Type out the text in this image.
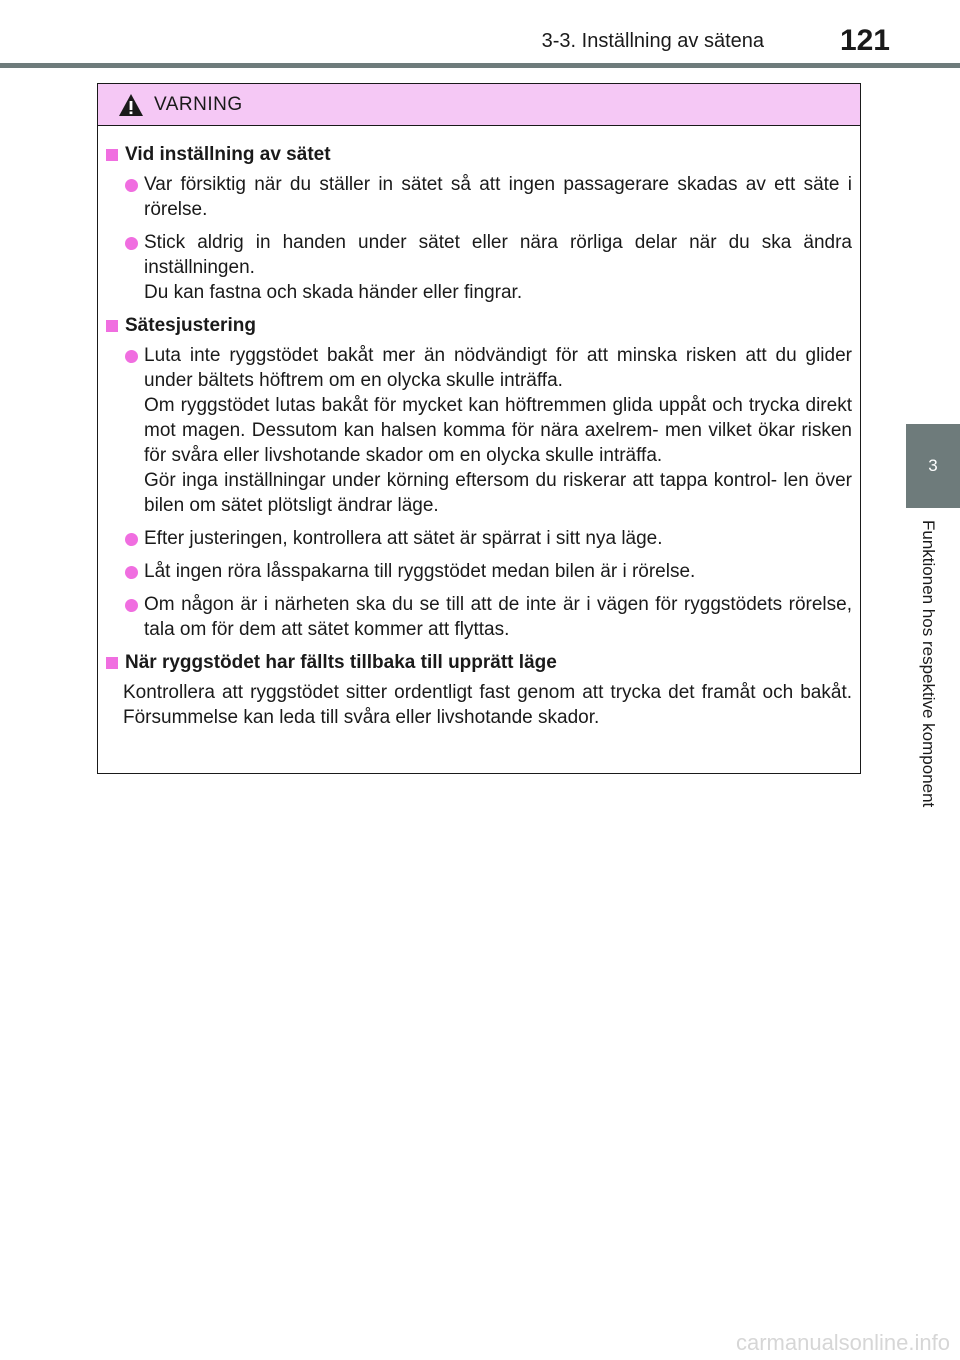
3-3. Inställning av sätena	121
3
Funktionen hos respektive komponent
VARNING
Vid inställning av sätet

Var försiktig när du ställer in sätet så att ingen passagerare skadas av ett säte i rörelse.

Stick aldrig in handen under sätet eller nära rörliga delar när du ska ändra inställningen.

Du kan fastna och skada händer eller fingrar.

Sätesjustering

Luta inte ryggstödet bakåt mer än nödvändigt för att minska risken att du glider under bältets höftrem om en olycka skulle inträffa.

Om ryggstödet lutas bakåt för mycket kan höftremmen glida uppåt och trycka direkt mot magen. Dessutom kan halsen komma för nära axelrem- men vilket ökar risken för svåra eller livshotande skador om en olycka skulle inträffa.

Gör inga inställningar under körning eftersom du riskerar att tappa kontrol- len över bilen om sätet plötsligt ändrar läge.

Efter justeringen, kontrollera att sätet är spärrat i sitt nya läge.

Låt ingen röra låsspakarna till ryggstödet medan bilen är i rörelse.

Om någon är i närheten ska du se till att de inte är i vägen för ryggstödets rörelse, tala om för dem att sätet kommer att flyttas.

När ryggstödet har fällts tillbaka till upprätt läge

Kontrollera att ryggstödet sitter ordentligt fast genom att trycka det framåt och bakåt. Försummelse kan leda till svåra eller livshotande skador.

carmanualsonline.info
